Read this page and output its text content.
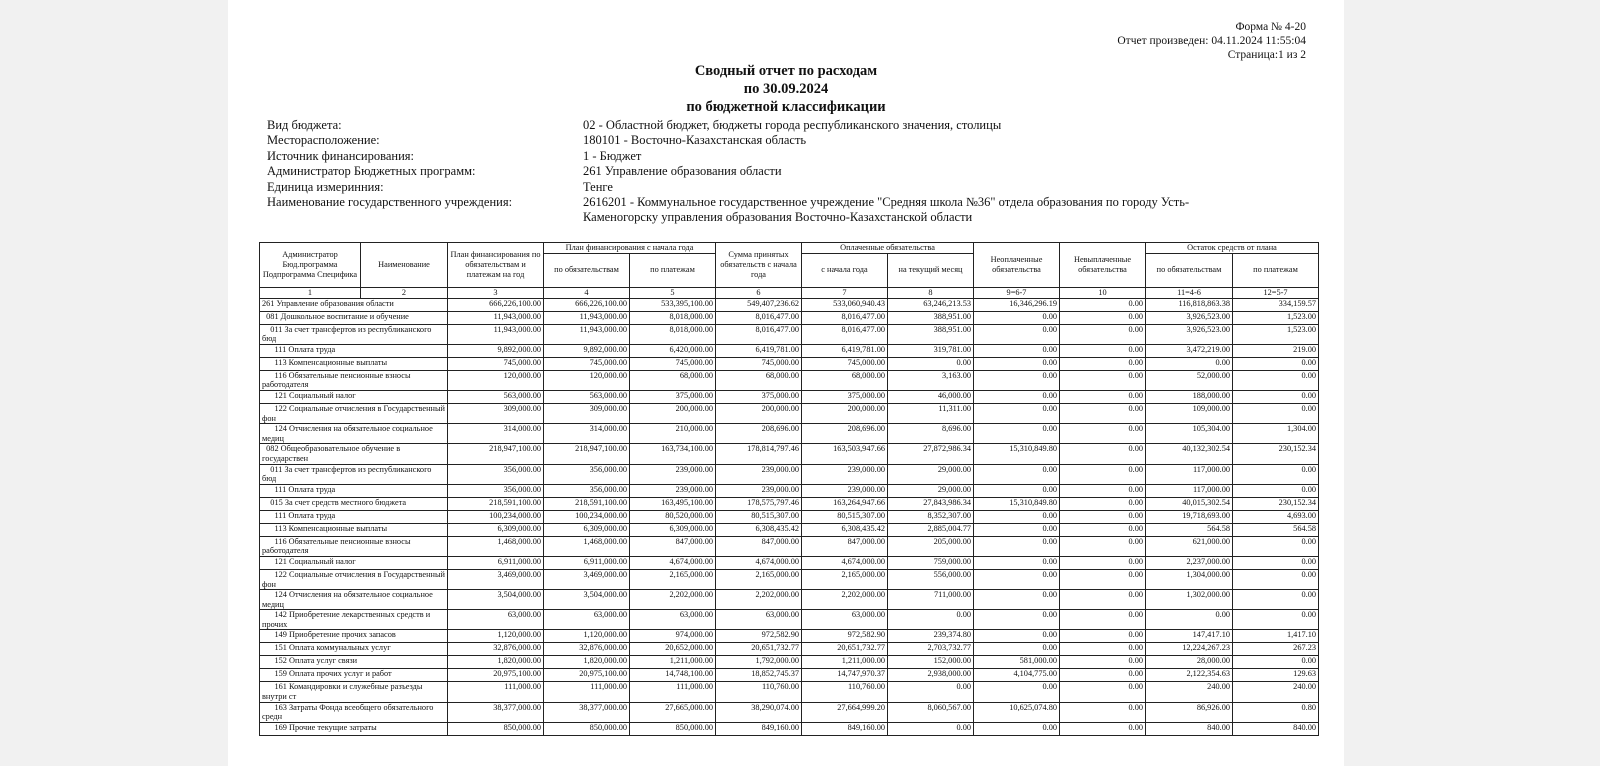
Форма № 4-20
Отчет произведен: 04.11.2024 11:55:04
Страница:1 из 2
Сводный отчет по расходам
по 30.09.2024
по бюджетной классификации
Вид бюджета:	02 - Областной бюджет, бюджеты города республиканского значения, столицы
Месторасположение:	180101 - Восточно-Казахстанская область
Источник финансирования:	1 - Бюджет
Администратор Бюджетных программ:	261 Управление образования области
Единица измеринния:	Тенге
Наименование государственного учреждения:	2616201 - Коммунальное государственное учреждение "Средняя школа №36" отдела образования по городу Усть-Каменогорску управления образования Восточно-Казахстанской области
Администратор Бюд.программа Подпрограмма Специфика	Наименование	План финансирования по обязательствам и платежам на год	План финансирования с начала года		Сумма принятых обязательств с начала года	Оплаченные обязательства		Неоплаченные обязательства	Невыплаченные обязательства	Остаток средств от плана	
			по обязательствам	по платежам		с начала года	на текущий месяц			по обязательствам	по платежам
1	2	3	4	5	6	7	8	9=6-7	10	11=4-6	12=5-7
261 Управление образования области		666,226,100.00	666,226,100.00	533,395,100.00	549,407,236.62	533,060,940.43	63,246,213.53	16,346,296.19	0.00	116,818,863.38	334,159.57
081 Дошкольное воспитание и обучение		11,943,000.00	11,943,000.00	8,018,000.00	8,016,477.00	8,016,477.00	388,951.00	0.00	0.00	3,926,523.00	1,523.00
011 За счет трансфертов из республиканского бюд		11,943,000.00	11,943,000.00	8,018,000.00	8,016,477.00	8,016,477.00	388,951.00	0.00	0.00	3,926,523.00	1,523.00
111 Оплата труда		9,892,000.00	9,892,000.00	6,420,000.00	6,419,781.00	6,419,781.00	319,781.00	0.00	0.00	3,472,219.00	219.00
113 Компенсационные выплаты		745,000.00	745,000.00	745,000.00	745,000.00	745,000.00	0.00	0.00	0.00	0.00	0.00
116 Обязательные пенсионные взносы работодателя		120,000.00	120,000.00	68,000.00	68,000.00	68,000.00	3,163.00	0.00	0.00	52,000.00	0.00
121 Социальный налог		563,000.00	563,000.00	375,000.00	375,000.00	375,000.00	46,000.00	0.00	0.00	188,000.00	0.00
122 Социальные отчисления в Государственный фон		309,000.00	309,000.00	200,000.00	200,000.00	200,000.00	11,311.00	0.00	0.00	109,000.00	0.00
124 Отчисления на обязательное социальное медиц		314,000.00	314,000.00	210,000.00	208,696.00	208,696.00	8,696.00	0.00	0.00	105,304.00	1,304.00
082 Общеобразовательное обучение в государствен		218,947,100.00	218,947,100.00	163,734,100.00	178,814,797.46	163,503,947.66	27,872,986.34	15,310,849.80	0.00	40,132,302.54	230,152.34
011 За счет трансфертов из республиканского бюд		356,000.00	356,000.00	239,000.00	239,000.00	239,000.00	29,000.00	0.00	0.00	117,000.00	0.00
111 Оплата труда		356,000.00	356,000.00	239,000.00	239,000.00	239,000.00	29,000.00	0.00	0.00	117,000.00	0.00
015 За счет средств местного бюджета		218,591,100.00	218,591,100.00	163,495,100.00	178,575,797.46	163,264,947.66	27,843,986.34	15,310,849.80	0.00	40,015,302.54	230,152.34
111 Оплата труда		100,234,000.00	100,234,000.00	80,520,000.00	80,515,307.00	80,515,307.00	8,352,307.00	0.00	0.00	19,718,693.00	4,693.00
113 Компенсационные выплаты		6,309,000.00	6,309,000.00	6,309,000.00	6,308,435.42	6,308,435.42	2,885,004.77	0.00	0.00	564.58	564.58
116 Обязательные пенсионные взносы работодателя		1,468,000.00	1,468,000.00	847,000.00	847,000.00	847,000.00	205,000.00	0.00	0.00	621,000.00	0.00
121 Социальный налог		6,911,000.00	6,911,000.00	4,674,000.00	4,674,000.00	4,674,000.00	759,000.00	0.00	0.00	2,237,000.00	0.00
122 Социальные отчисления в Государственный фон		3,469,000.00	3,469,000.00	2,165,000.00	2,165,000.00	2,165,000.00	556,000.00	0.00	0.00	1,304,000.00	0.00
124 Отчисления на обязательное социальное медиц		3,504,000.00	3,504,000.00	2,202,000.00	2,202,000.00	2,202,000.00	711,000.00	0.00	0.00	1,302,000.00	0.00
142 Приобретение лекарственных средств и прочих		63,000.00	63,000.00	63,000.00	63,000.00	63,000.00	0.00	0.00	0.00	0.00	0.00
149 Приобретение прочих запасов		1,120,000.00	1,120,000.00	974,000.00	972,582.90	972,582.90	239,374.80	0.00	0.00	147,417.10	1,417.10
151 Оплата коммунальных услуг		32,876,000.00	32,876,000.00	20,652,000.00	20,651,732.77	20,651,732.77	2,703,732.77	0.00	0.00	12,224,267.23	267.23
152 Оплата услуг связи		1,820,000.00	1,820,000.00	1,211,000.00	1,792,000.00	1,211,000.00	152,000.00	581,000.00	0.00	28,000.00	0.00
159 Оплата прочих услуг и работ		20,975,100.00	20,975,100.00	14,748,100.00	18,852,745.37	14,747,970.37	2,938,000.00	4,104,775.00	0.00	2,122,354.63	129.63
161 Командировки и служебные разъезды внутри ст		111,000.00	111,000.00	111,000.00	110,760.00	110,760.00	0.00	0.00	0.00	240.00	240.00
163 Затраты Фонда всеобщего обязательного средн		38,377,000.00	38,377,000.00	27,665,000.00	38,290,074.00	27,664,999.20	8,060,567.00	10,625,074.80	0.00	86,926.00	0.80
169 Прочие текущие затраты		850,000.00	850,000.00	850,000.00	849,160.00	849,160.00	0.00	0.00	0.00	840.00	840.00
